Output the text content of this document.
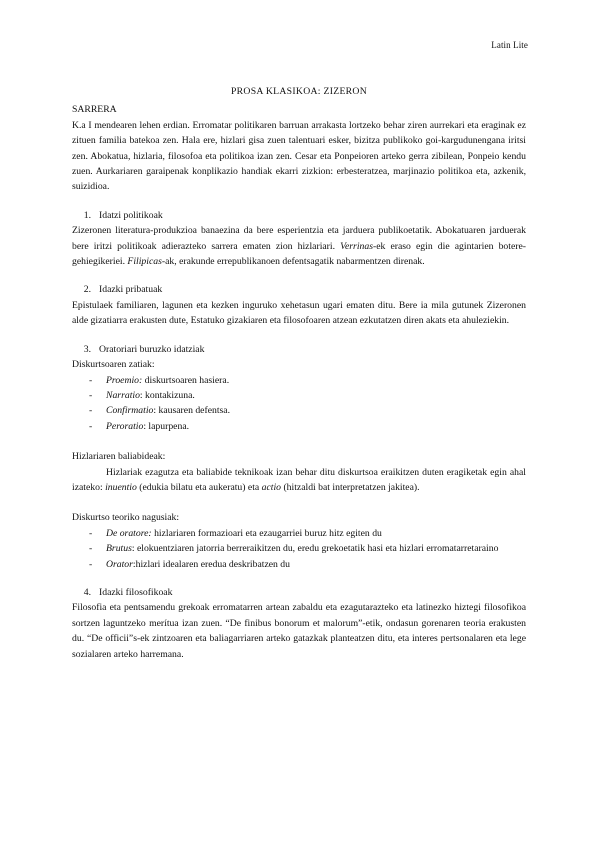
Latin Lite
PROSA KLASIKOA: ZIZERON
SARRERA

K.a I mendearen lehen erdian. Erromatar politikaren barruan arrakasta lortzeko behar ziren aurrekari eta eraginak ez zituen familia batekoa zen. Hala ere, hizlari gisa zuen talentuari esker, bizitza publikoko goi-kargudunengana iritsi zen. Abokatua, hizlaria, filosofoa eta politikoa izan zen. Cesar eta Ponpeioren arteko gerra zibilean, Ponpeio kendu zuen. Aurkariaren garaipenak konplikazio handiak ekarri zizkion: erbesteratzea, marjinazio politikoa eta, azkenik, suizidioa.

1. Idatzi politikoak

Zizeronen literatura-produkzioa banaezina da bere esperientzia eta jarduera publikoetatik. Abokatuaren jarduerak bere iritzi politikoak adierazteko sarrera ematen zion hizlariari. Verrinas-ek eraso egin die agintarien botere-gehiegikeriei. Filipicas-ak, erakunde errepublikanoen defentsagatik nabarmentzen direnak.

2. Idazki pribatuak

Epistulaek familiaren, lagunen eta kezken inguruko xehetasun ugari ematen ditu. Bere ia mila gutunek Zizeronen alde gizatiarra erakusten dute, Estatuko gizakiaren eta filosofoaren atzean ezkutatzen diren akats eta ahuleziekin.

3. Oratoriari buruzko idatziak
Diskurtsoaren zatiak:
-	Proemio: diskurtsoaren hasiera.
-	Narratio: kontakizuna.
-	Confirmatio: kausaren defentsa.
-	Peroratio: lapurpena.
Hizlariaren baliabideak:

Hizlariak ezagutza eta baliabide teknikoak izan behar ditu diskurtsoa eraikitzen duten eragiketak egin ahal izateko: inuentio (edukia bilatu eta aukeratu) eta actio (hitzaldi bat interpretatzen jakitea).

Diskurtso teoriko nagusiak:
-	De oratore: hizlariaren formazioari eta ezaugarriei buruz hitz egiten du
-	Brutus: elokuentziaren jatorria berreraikitzen du, eredu grekoetatik hasi eta hizlari erromatarretaraino
-	Orator:hizlari idealaren eredua deskribatzen du
4. Idazki filosofikoak

Filosofia eta pentsamendu grekoak erromatarren artean zabaldu eta ezagutarazteko eta latinezko hiztegi filosofikoa sortzen laguntzeko merítua izan zuen. “De finibus bonorum et malorum”-etik, ondasun gorenaren teoria erakusten du. “De officii”s-ek zintzoaren eta baliagarriaren arteko gatazkak planteatzen ditu, eta interes pertsonalaren eta lege sozialaren arteko harremana.
